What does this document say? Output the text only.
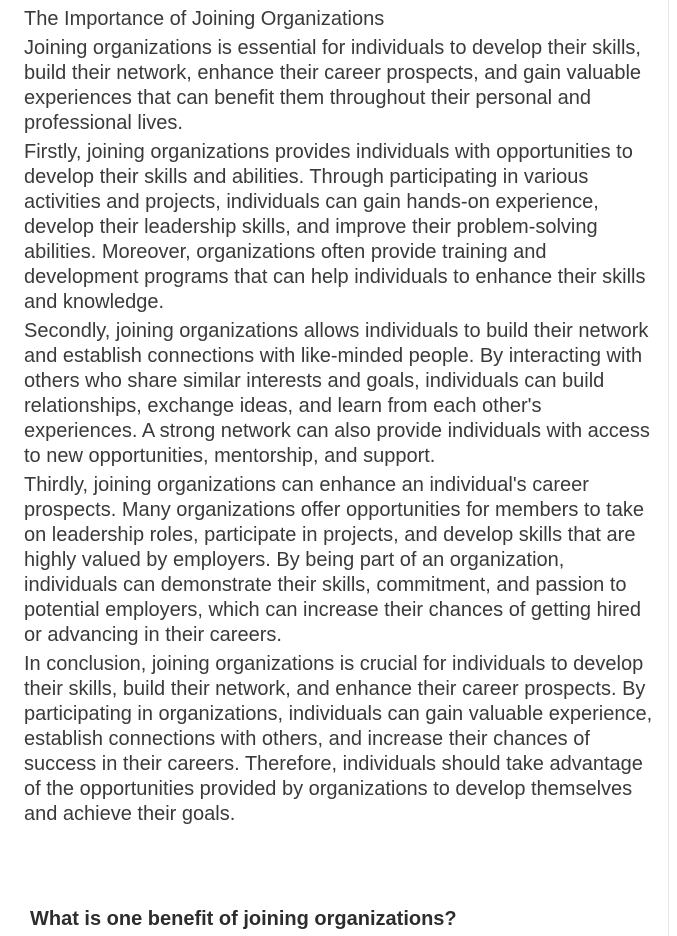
The Importance of Joining Organizations

Joining organizations is essential for individuals to develop their skills, build their network, enhance their career prospects, and gain valuable experiences that can benefit them throughout their personal and professional lives.

Firstly, joining organizations provides individuals with opportunities to develop their skills and abilities. Through participating in various activities and projects, individuals can gain hands-on experience, develop their leadership skills, and improve their problem-solving abilities. Moreover, organizations often provide training and development programs that can help individuals to enhance their skills and knowledge.

Secondly, joining organizations allows individuals to build their network and establish connections with like-minded people. By interacting with others who share similar interests and goals, individuals can build relationships, exchange ideas, and learn from each other's experiences. A strong network can also provide individuals with access to new opportunities, mentorship, and support.

Thirdly, joining organizations can enhance an individual's career prospects. Many organizations offer opportunities for members to take on leadership roles, participate in projects, and develop skills that are highly valued by employers. By being part of an organization, individuals can demonstrate their skills, commitment, and passion to potential employers, which can increase their chances of getting hired or advancing in their careers.

In conclusion, joining organizations is crucial for individuals to develop their skills, build their network, and enhance their career prospects. By participating in organizations, individuals can gain valuable experience, establish connections with others, and increase their chances of success in their careers. Therefore, individuals should take advantage of the opportunities provided by organizations to develop themselves and achieve their goals.

What is one benefit of joining organizations?
